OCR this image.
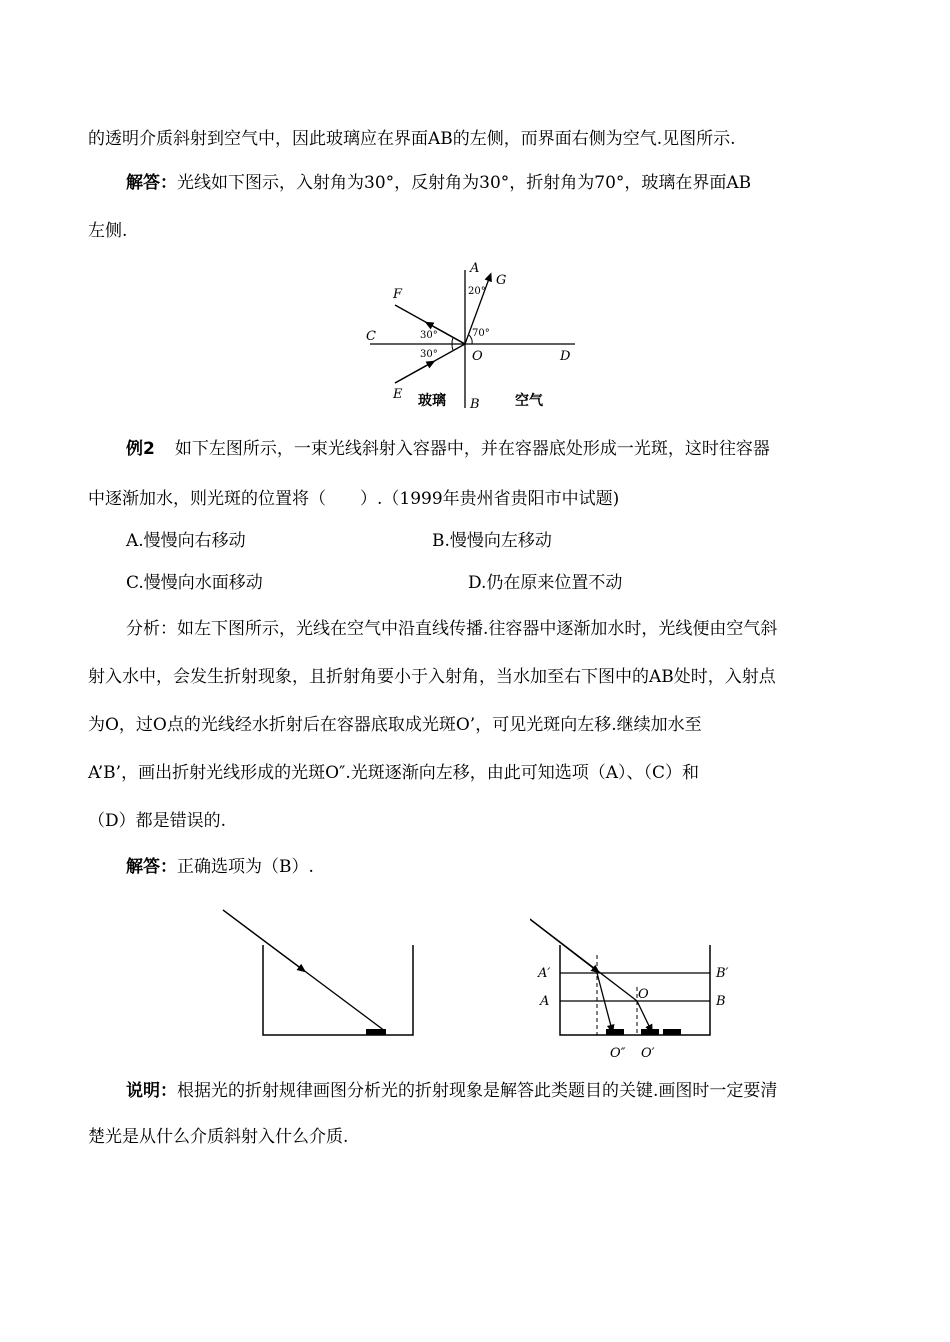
的透明介质斜射到空气中，因此玻璃应在界面AB的左侧，而界面右侧为空气.见图所示.
解答：光线如下图示，入射角为30°，反射角为30°，折射角为70°，玻璃在界面AB
左侧.
A
G
20°
F
70°
C	30°
30°	O	D
E 玻璃 B	空气
例2 如下左图所示，一束光线斜射入容器中，并在容器底处形成一光斑，这时往容器
中逐渐加水，则光斑的位置将（　　）.（1999年贵州省贵阳市中试题)
A.慢慢向右移动	B.慢慢向左移动
C.慢慢向水面移动	D.仍在原来位置不动
分析：如左下图所示，光线在空气中沿直线传播.往容器中逐渐加水时，光线便由空气斜
射入水中，会发生折射现象，且折射角要小于入射角，当水加至右下图中的AB处时，入射点
为O，过O点的光线经水折射后在容器底取成光斑O’，可见光斑向左移.继续加水至
A’B’，画出折射光线形成的光斑O″.光斑逐渐向左移，由此可知选项（A）、（C）和
（D）都是错误的.
解答：正确选项为（B）.
A′	B′
A	O	B
O″ O′
说明：根据光的折射规律画图分析光的折射现象是解答此类题目的关键.画图时一定要清
楚光是从什么介质斜射入什么介质.
